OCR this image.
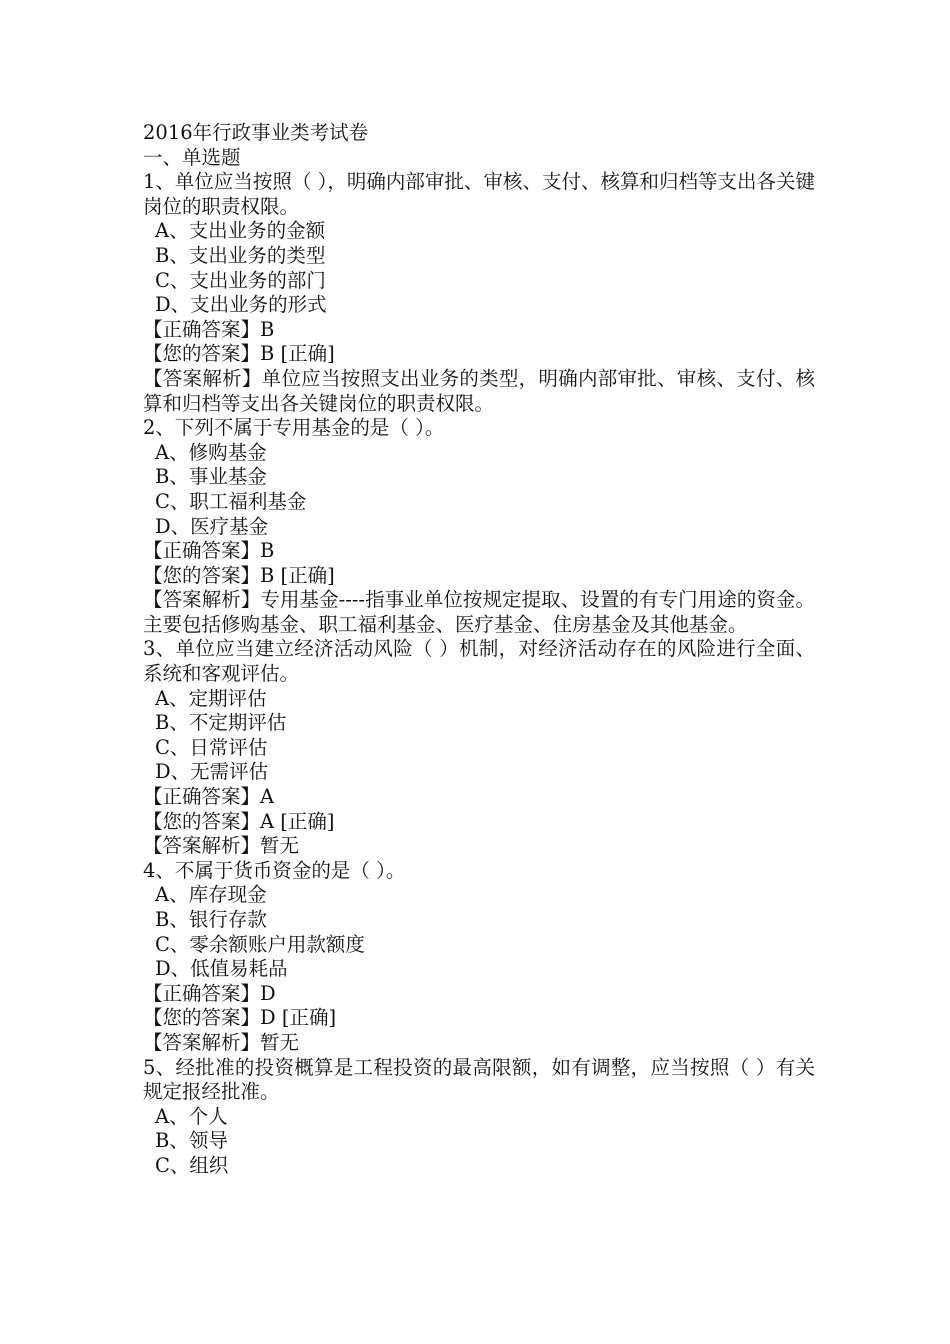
2016年行政事业类考试卷
一、单选题
1、单位应当按照（ ），明确内部审批、审核、支付、核算和归档等支出各关键岗位的职责权限。
A、支出业务的金额
B、支出业务的类型
C、支出业务的部门
D、支出业务的形式
【正确答案】B
【您的答案】B [正确]
【答案解析】单位应当按照支出业务的类型，明确内部审批、审核、支付、核算和归档等支出各关键岗位的职责权限。
2、下列不属于专用基金的是（ ）。
A、修购基金
B、事业基金
C、职工福利基金
D、医疗基金
【正确答案】B
【您的答案】B [正确]
【答案解析】专用基金----指事业单位按规定提取、设置的有专门用途的资金。主要包括修购基金、职工福利基金、医疗基金、住房基金及其他基金。
3、单位应当建立经济活动风险（ ）机制，对经济活动存在的风险进行全面、系统和客观评估。
A、定期评估
B、不定期评估
C、日常评估
D、无需评估
【正确答案】A
【您的答案】A [正确]
【答案解析】暂无
4、不属于货币资金的是（ ）。
A、库存现金
B、银行存款
C、零余额账户用款额度
D、低值易耗品
【正确答案】D
【您的答案】D [正确]
【答案解析】暂无
5、经批准的投资概算是工程投资的最高限额，如有调整，应当按照（ ）有关规定报经批准。
A、个人
B、领导
C、组织
